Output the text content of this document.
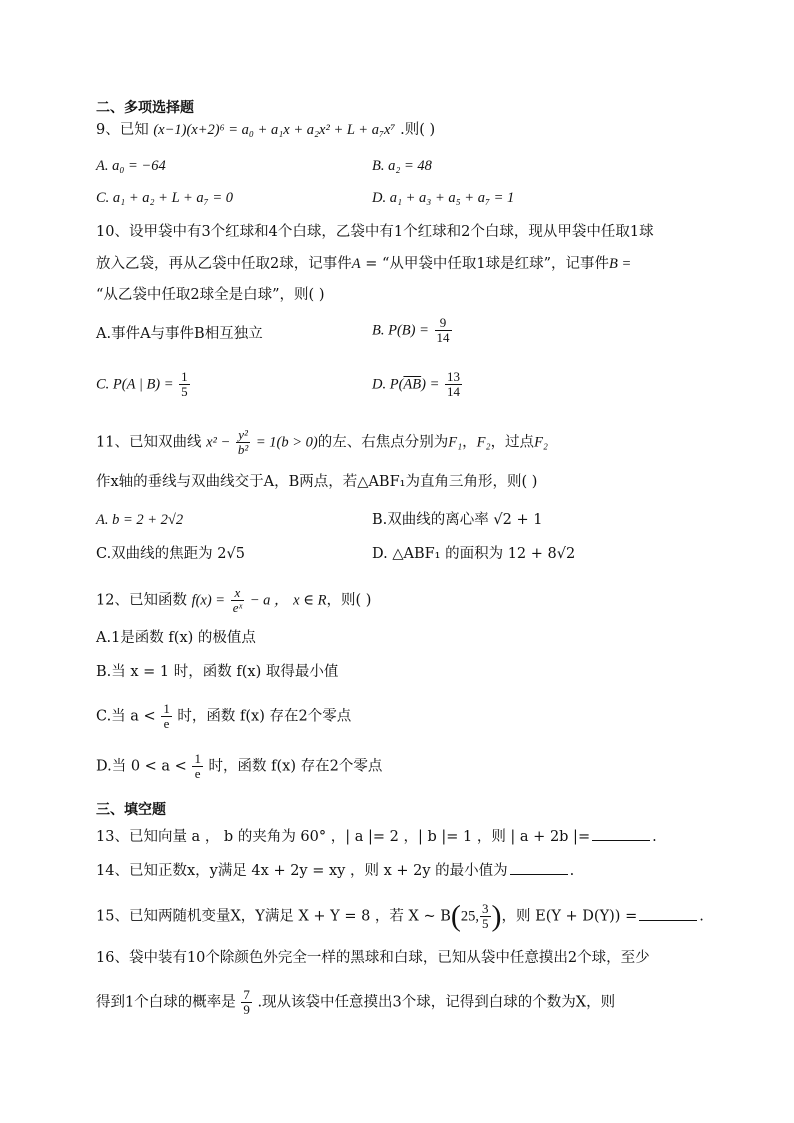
二、多项选择题
9、已知 (x−1)(x+2)⁶ = a₀ + a₁x + a₂x² + L + a₇x⁷ .则( )
A. a₀ = −64	B. a₂ = 48
C. a₁ + a₂ + L + a₇ = 0	D. a₁ + a₃ + a₅ + a₇ = 1
10、设甲袋中有3个红球和4个白球，乙袋中有1个红球和2个白球，现从甲袋中任取1球
放入乙袋，再从乙袋中任取2球，记事件A = “从甲袋中任取1球是红球”，记事件B =
“从乙袋中任取2球全是白球”，则( )
A.事件A与事件B相互独立	B. $P(B) = \frac{9}{14}$
C. P(A | $B) = \frac{1}{5}$	D. $P(\overline{AB}) = \frac{13}{14}$
11、已知双曲线 $x^2 - \frac{\text{y²}}{\text{b²}} = 1(b > 0)$的左、右焦点分别为F₁，F₂，过点F₂
作x轴的垂线与双曲线交于A，B两点，若△ABF₁为直角三角形，则( )
A. b = 2 + 2√2	B.双曲线的离心率 √2 + 1
C.双曲线的焦距为 2√5	D. △ABF₁ 的面积为 12 + 8√2
12、已知函数 $f(x) = \frac{x}{\text{eˣ}} - a$ ， x ∈ R，则( )
A.1是函数 f(x) 的极值点
B.当 x = 1 时，函数 f(x) 取得最小值
C.当 $a < \frac{1}{e}$ 时，函数 f(x) 存在2个零点
D.当 $0 < a < \frac{1}{e}$ 时，函数 f(x) 存在2个零点
三、填空题
13、已知向量 a ， b 的夹角为 60° ，| a |= 2 ，| b |= 1 ，则 | a + 2b |=	.
14、已知正数x，y满足 4x + 2y = xy ，则 x + 2y 的最小值为	.
15、已知两随机变量X，Y满足 X + Y = 8 ，若 X ~ B(25, $\frac{3}{5}$ )，则 E(Y + D(Y)) =	.
16、袋中装有10个除颜色外完全一样的黑球和白球，已知从袋中任意摸出2个球，至少
得到1个白球的概率是 $\frac{7}{9}$ .现从该袋中任意摸出3个球，记得到白球的个数为X，则
